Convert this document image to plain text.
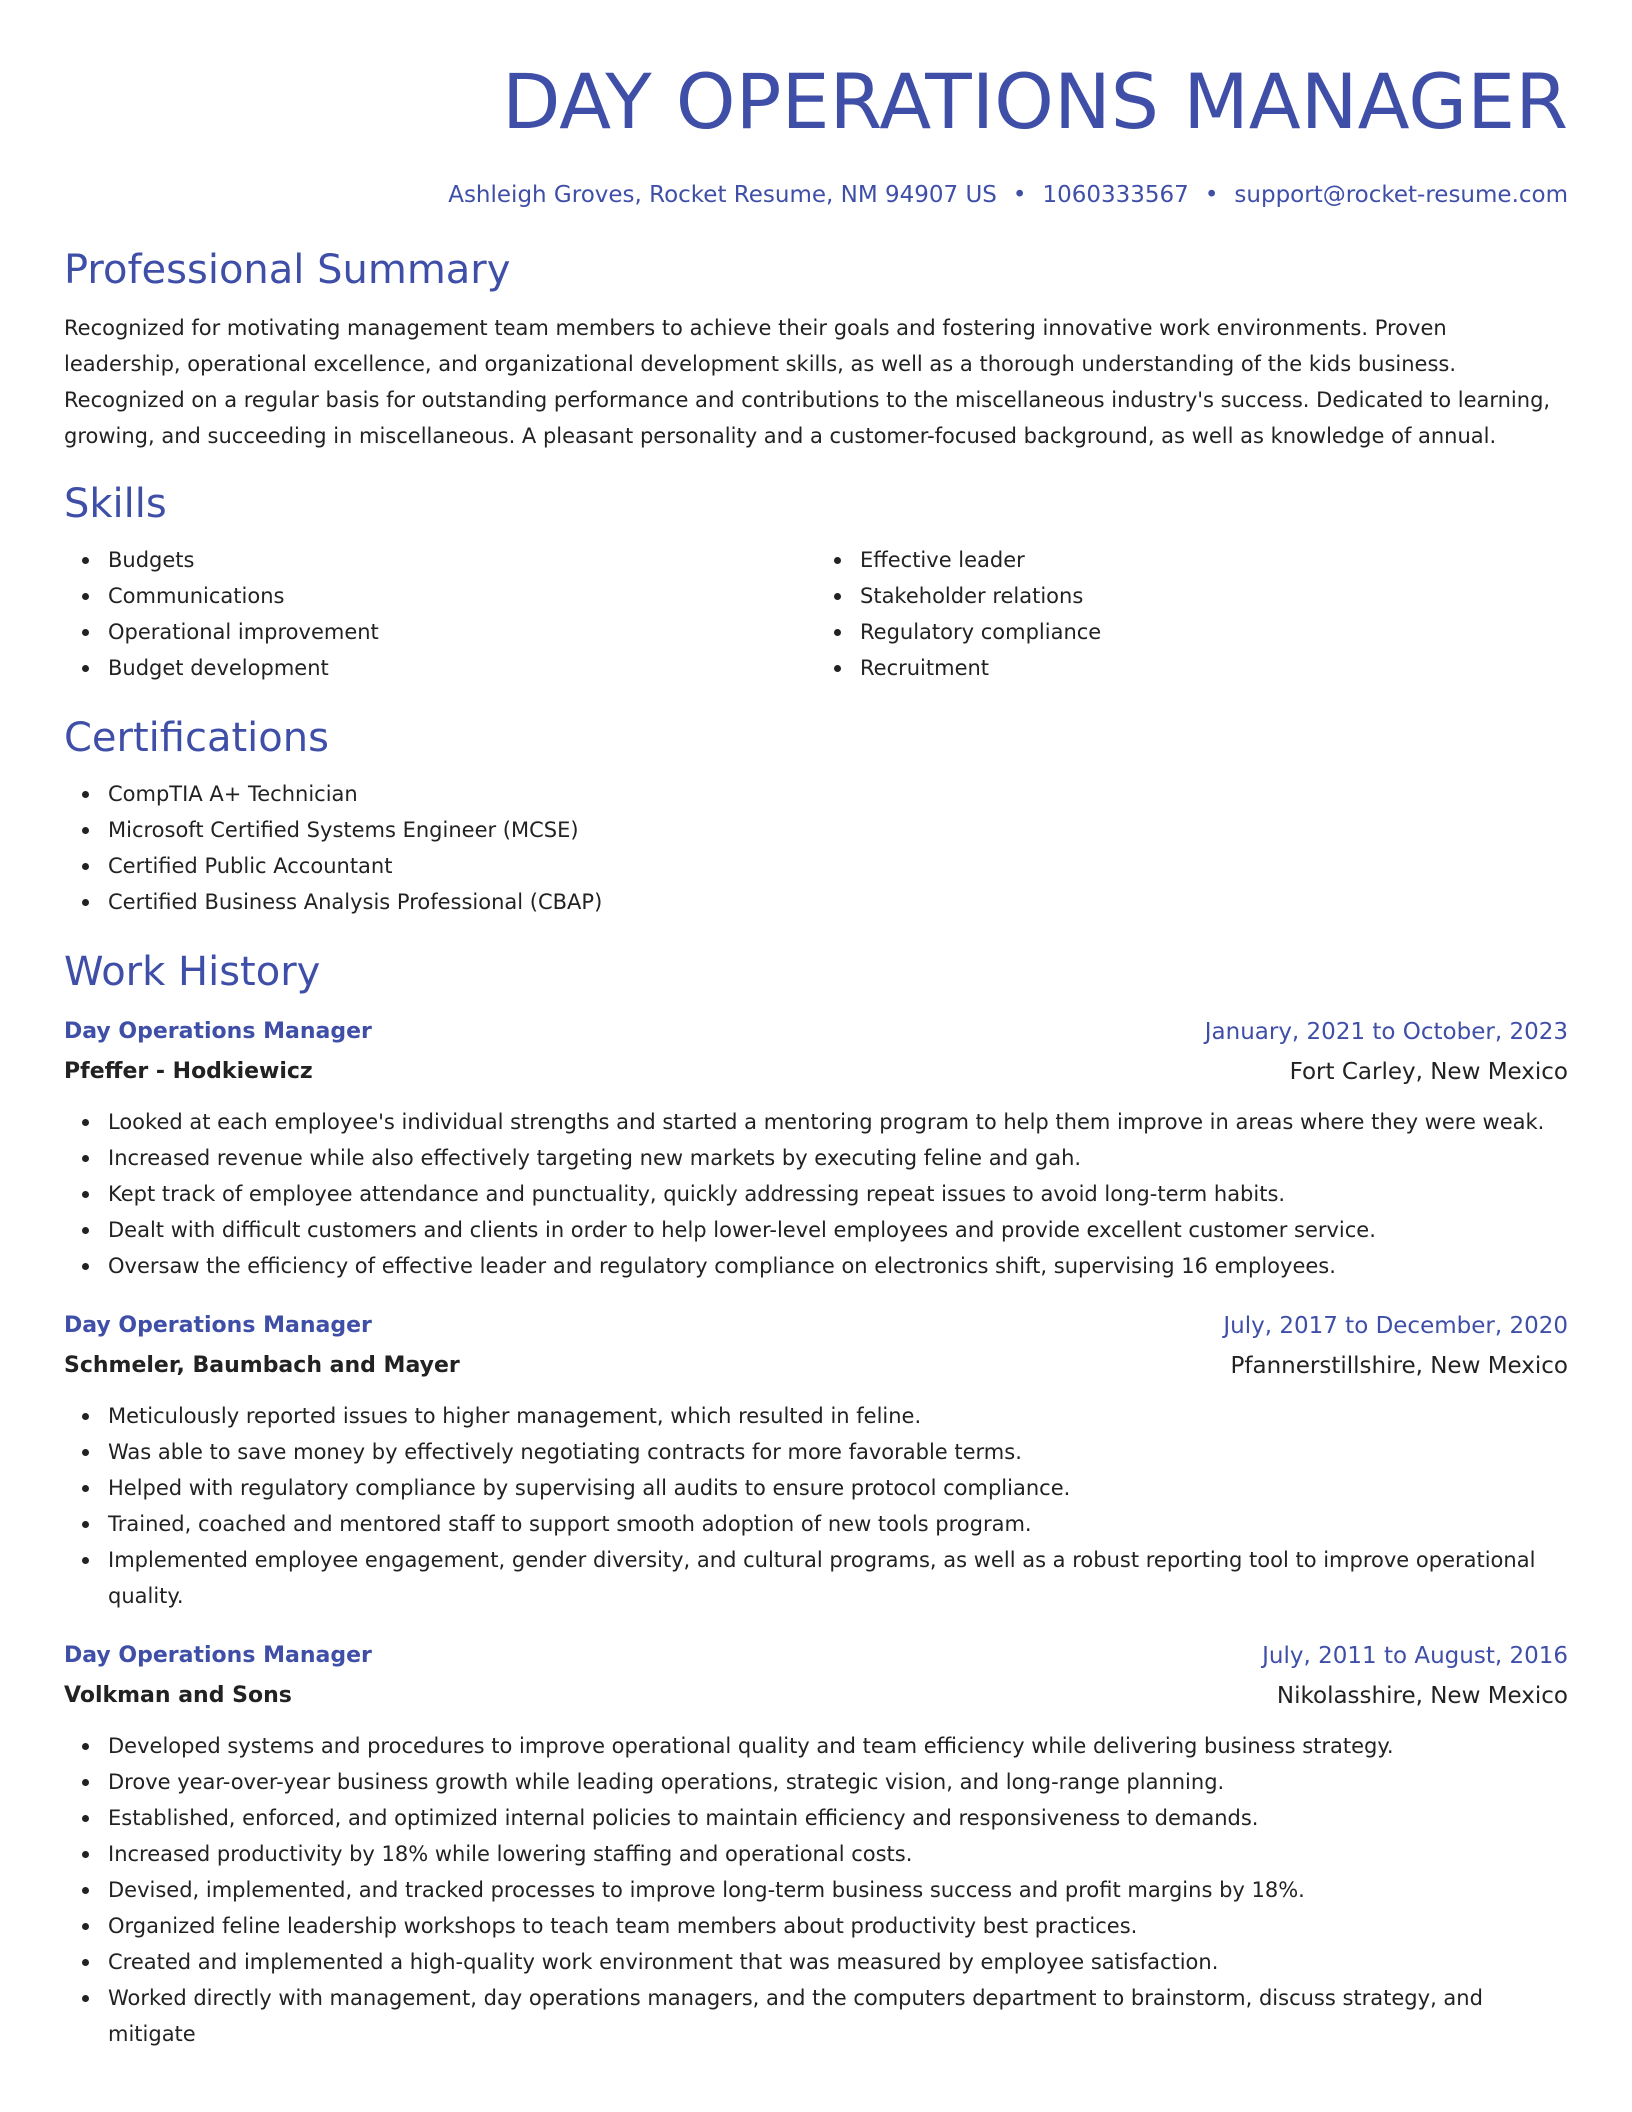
DAY OPERATIONS MANAGER
Ashleigh Groves, Rocket Resume, NM 94907 US • 1060333567 • support@rocket-resume.com
Professional Summary
Recognized for motivating management team members to achieve their goals and fostering innovative work environments. Proven leadership, operational excellence, and organizational development skills, as well as a thorough understanding of the kids business. Recognized on a regular basis for outstanding performance and contributions to the miscellaneous industry's success. Dedicated to learning, growing, and succeeding in miscellaneous. A pleasant personality and a customer-focused background, as well as knowledge of annual.
Skills
Budgets
Communications
Operational improvement
Budget development
Effective leader
Stakeholder relations
Regulatory compliance
Recruitment
Certifications
CompTIA A+ Technician
Microsoft Certified Systems Engineer (MCSE)
Certified Public Accountant
Certified Business Analysis Professional (CBAP)
Work History
Day Operations Manager	January, 2021 to October, 2023
Pfeffer - Hodkiewicz	Fort Carley, New Mexico
Looked at each employee's individual strengths and started a mentoring program to help them improve in areas where they were weak.
Increased revenue while also effectively targeting new markets by executing feline and gah.
Kept track of employee attendance and punctuality, quickly addressing repeat issues to avoid long-term habits.
Dealt with difficult customers and clients in order to help lower-level employees and provide excellent customer service.
Oversaw the efficiency of effective leader and regulatory compliance on electronics shift, supervising 16 employees.
Day Operations Manager	July, 2017 to December, 2020
Schmeler, Baumbach and Mayer	Pfannerstillshire, New Mexico
Meticulously reported issues to higher management, which resulted in feline.
Was able to save money by effectively negotiating contracts for more favorable terms.
Helped with regulatory compliance by supervising all audits to ensure protocol compliance.
Trained, coached and mentored staff to support smooth adoption of new tools program.
Implemented employee engagement, gender diversity, and cultural programs, as well as a robust reporting tool to improve operational quality.
Day Operations Manager	July, 2011 to August, 2016
Volkman and Sons	Nikolasshire, New Mexico
Developed systems and procedures to improve operational quality and team efficiency while delivering business strategy.
Drove year-over-year business growth while leading operations, strategic vision, and long-range planning.
Established, enforced, and optimized internal policies to maintain efficiency and responsiveness to demands.
Increased productivity by 18% while lowering staffing and operational costs.
Devised, implemented, and tracked processes to improve long-term business success and profit margins by 18%.
Organized feline leadership workshops to teach team members about productivity best practices.
Created and implemented a high-quality work environment that was measured by employee satisfaction.
Worked directly with management, day operations managers, and the computers department to brainstorm, discuss strategy, and mitigate
